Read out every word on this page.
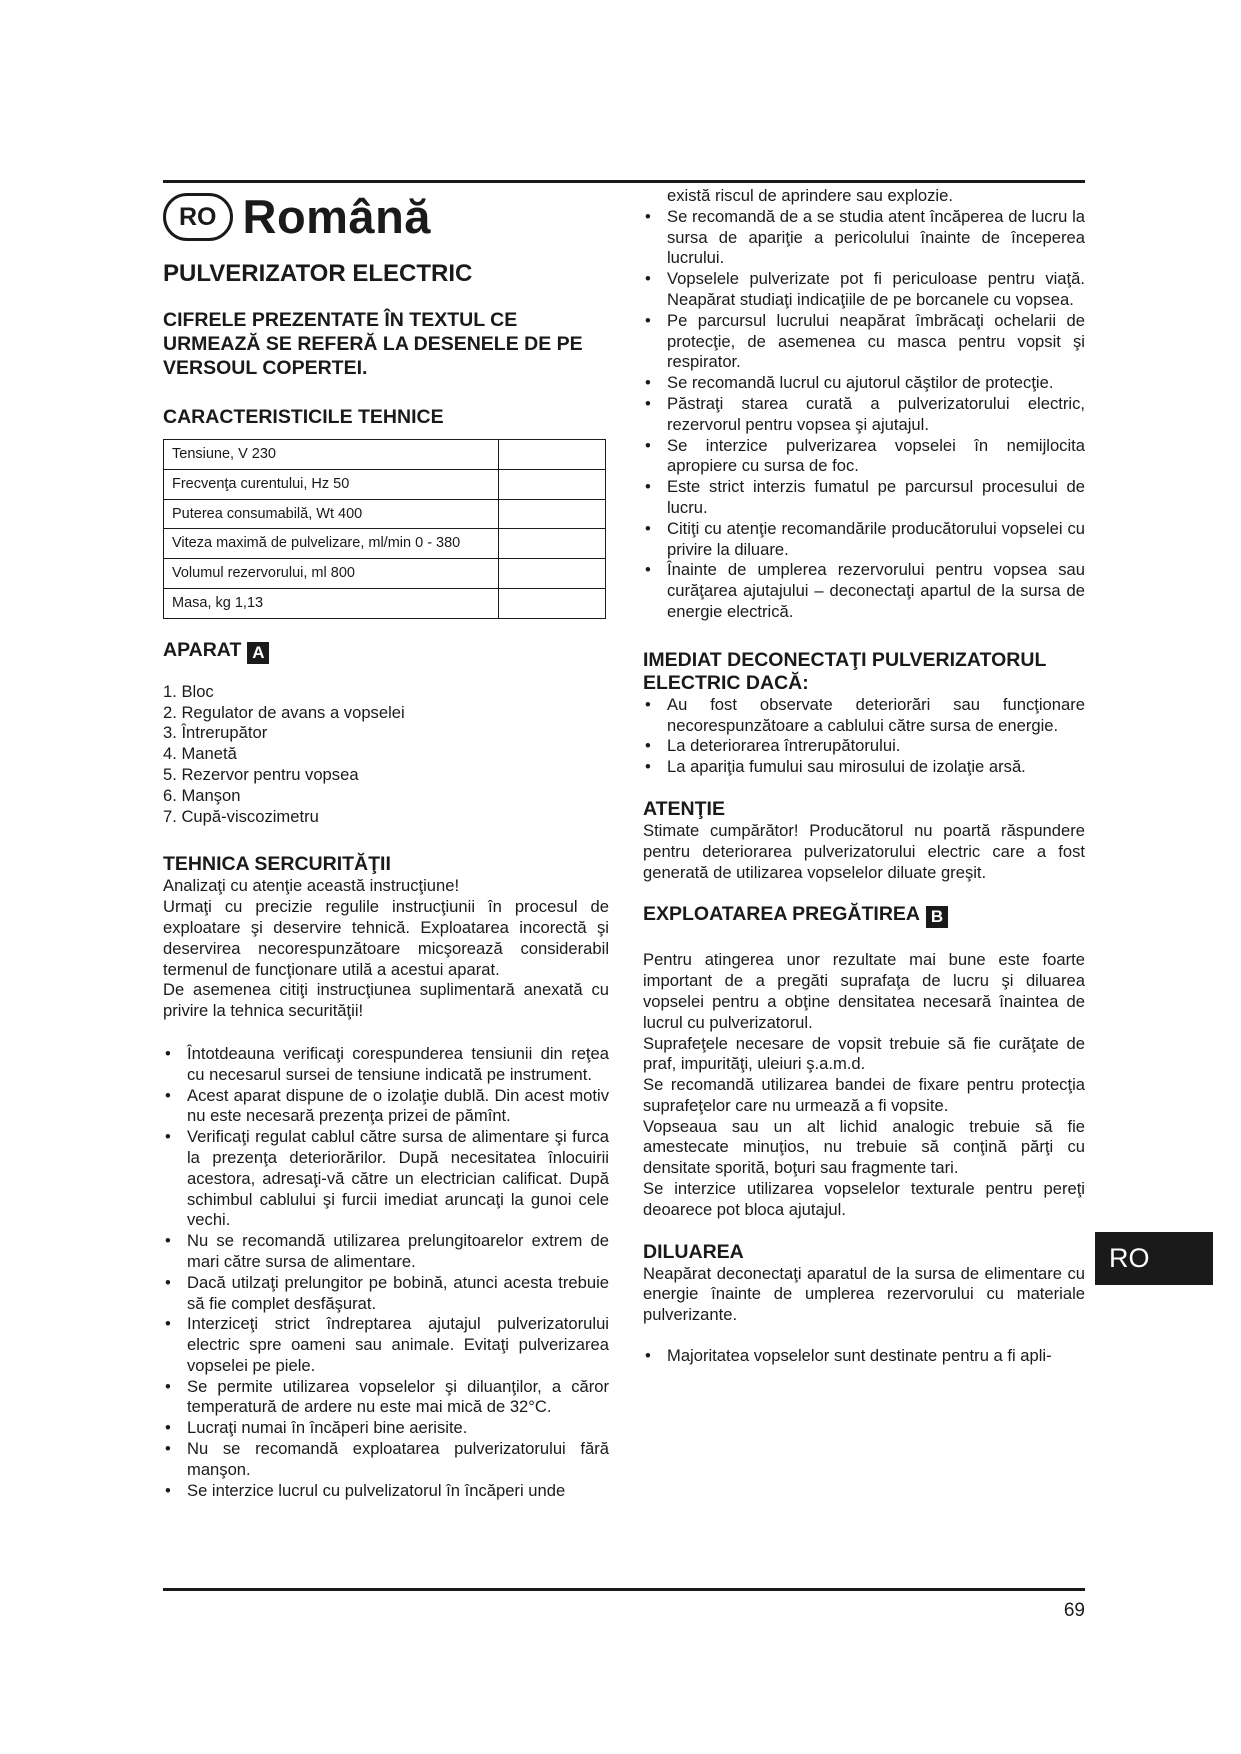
RO Română
PULVERIZATOR ELECTRIC
CIFRELE PREZENTATE ÎN TEXTUL CE URMEAZĂ SE REFERĂ LA DESENELE DE PE VERSOUL COPERTEI.
CARACTERISTICILE TEHNICE
Tensiune, V 230	
Frecvenţa curentului, Hz 50	
Puterea consumabilă, Wt 400	
Viteza maximă de pulvelizare, ml/min 0 - 380	
Volumul rezervorului, ml 800	
Masa, kg 1,13	
APARAT A
1. Bloc
2. Regulator de avans a vopselei
3. Întrerupător
4. Manetă
5. Rezervor pentru vopsea
6. Manşon
7. Cupă-viscozimetru
TEHNICA SERCURITĂŢII

Analizaţi cu atenţie această instrucţiune!

Urmaţi cu precizie regulile instrucţiunii în procesul de exploatare şi deservire tehnică. Exploatarea incorectă şi deservirea necorespunzătoare micşorează considerabil termenul de funcţionare utilă a acestui aparat.

De asemenea citiţi instrucţiunea suplimentară anexată cu privire la tehnica securităţii!

• Întotdeauna verificaţi corespunderea tensiunii din reţea cu necesarul sursei de tensiune indicată pe instrument.
• Acest aparat dispune de o izolaţie dublă. Din acest motiv nu este necesară prezenţa prizei de pămînt.
• Verificaţi regulat cablul către sursa de alimentare şi furca la prezenţa deteriorărilor. După necesitatea înlocuirii acestora, adresaţi-vă către un electrician calificat. După schimbul cablului şi furcii imediat aruncaţi la gunoi cele vechi.
• Nu se recomandă utilizarea prelungitoarelor extrem de mari către sursa de alimentare.
• Dacă utilzaţi prelungitor pe bobină, atunci acesta trebuie să fie complet desfăşurat.
• Interziceţi strict îndreptarea ajutajul pulverizatorului electric spre oameni sau animale. Evitaţi pulverizarea vopselei pe piele.
• Se permite utilizarea vopselelor şi diluanţilor, a căror temperatură de ardere nu este mai mică de 32°C.
• Lucraţi numai în încăperi bine aerisite.
• Nu se recomandă exploatarea pulverizatorului fără manşon.
• Se interzice lucrul cu pulvelizatorul în încăperi unde

există riscul de aprindere sau explozie.

• Se recomandă de a se studia atent încăperea de lucru la sursa de apariţie a pericolului înainte de începerea lucrului.
• Vopselele pulverizate pot fi periculoase pentru viaţă. Neapărat studiaţi indicaţiile de pe borcanele cu vopsea.
• Pe parcursul lucrului neapărat îmbrăcaţi ochelarii de protecţie, de asemenea cu masca pentru vopsit şi respirator.
• Se recomandă lucrul cu ajutorul căştilor de protecţie.
• Păstraţi starea curată a pulverizatorului electric, rezervorul pentru vopsea şi ajutajul.
• Se interzice pulverizarea vopselei în nemijlocita apropiere cu sursa de foc.
• Este strict interzis fumatul pe parcursul procesului de lucru.
• Citiţi cu atenţie recomandările producătorului vopselei cu privire la diluare.
• Înainte de umplerea rezervorului pentru vopsea sau curăţarea ajutajului – deconectaţi apartul de la sursa de energie electrică.
IMEDIAT DECONECTAŢI PULVERIZATORUL ELECTRIC DACĂ:
• Au fost observate deteriorări sau funcţionare necorespunzătoare a cablului către sursa de energie.
• La deteriorarea întrerupătorului.
• La apariţia fumului sau mirosului de izolaţie arsă.
ATENŢIE

Stimate cumpărător! Producătorul nu poartă răspundere pentru deteriorarea pulverizatorului electric care a fost generată de utilizarea vopselelor diluate greşit.

EXPLOATAREA PREGĂTIREA B

Pentru atingerea unor rezultate mai bune este foarte important de a pregăti suprafaţa de lucru şi diluarea vopselei pentru a obţine densitatea necesară înaintea de lucrul cu pulverizatorul.

Suprafeţele necesare de vopsit trebuie să fie curăţate de praf, impurităţi, uleiuri ş.a.m.d.

Se recomandă utilizarea bandei de fixare pentru protecţia suprafeţelor care nu urmează a fi vopsite.

Vopseaua sau un alt lichid analogic trebuie să fie amestecate minuţios, nu trebuie să conţină părţi cu densitate sporită, boţuri sau fragmente tari.

Se interzice utilizarea vopselelor texturale pentru pereţi deoarece pot bloca ajutajul.

DILUAREA

Neapărat deconectaţi aparatul de la sursa de elimentare cu energie înainte de umplerea rezervorului cu materiale pulverizante.

• Majoritatea vopselelor sunt destinate pentru a fi apli-
RO
69
